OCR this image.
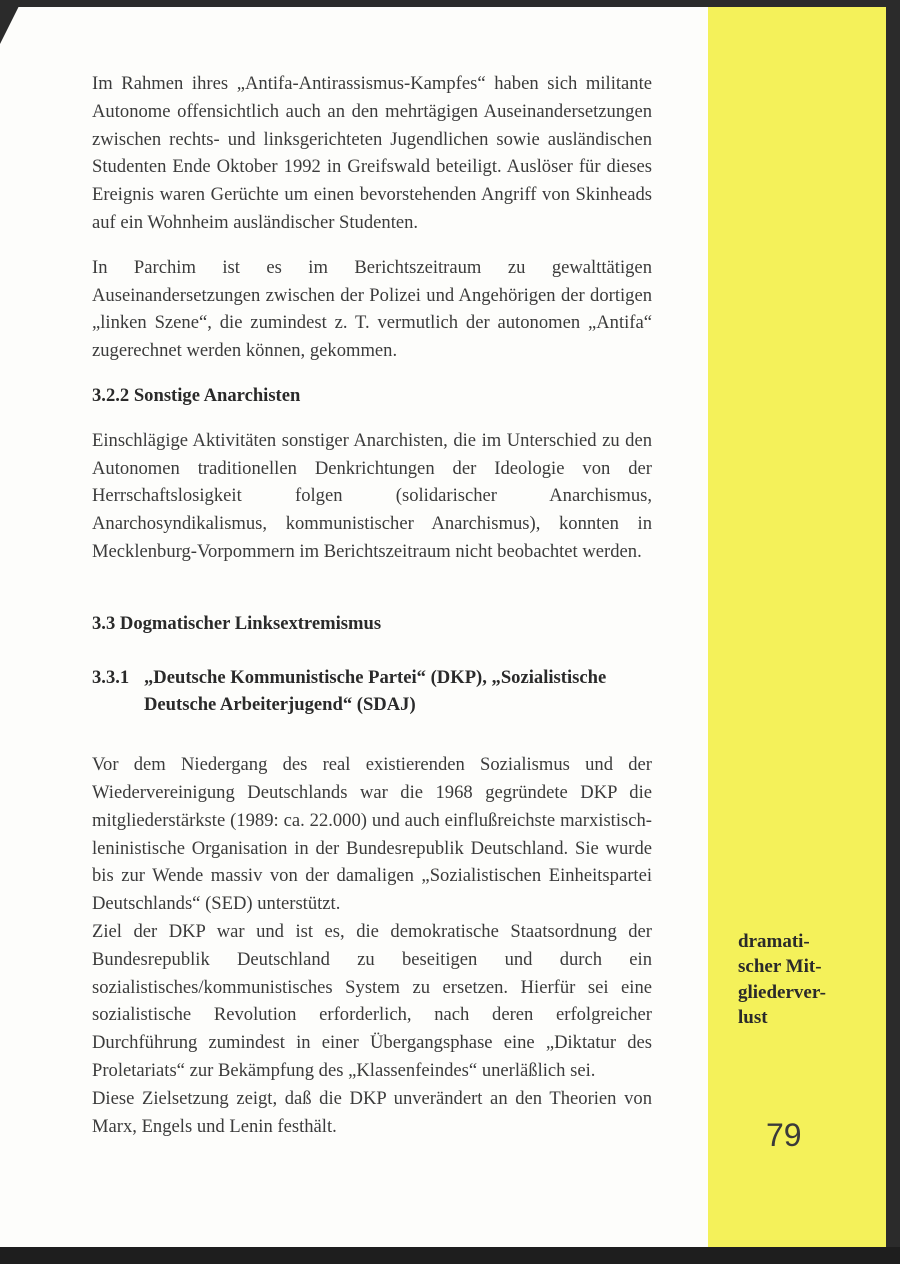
Im Rahmen ihres „Antifa-Antirassismus-Kampfes“ haben sich militante Autonome offensichtlich auch an den mehrtägigen Auseinandersetzungen zwischen rechts- und linksgerichteten Jugendlichen sowie ausländischen Studenten Ende Oktober 1992 in Greifswald beteiligt. Auslöser für dieses Ereignis waren Gerüchte um einen bevorstehenden Angriff von Skinheads auf ein Wohnheim ausländischer Studenten.

In Parchim ist es im Berichtszeitraum zu gewalttätigen Auseinandersetzungen zwischen der Polizei und Angehörigen der dortigen „linken Szene“, die zumindest z. T. vermutlich der autonomen „Antifa“ zugerechnet werden können, gekommen.

3.2.2 Sonstige Anarchisten

Einschlägige Aktivitäten sonstiger Anarchisten, die im Unterschied zu den Autonomen traditionellen Denkrichtungen der Ideologie von der Herrschaftslosigkeit folgen (solidarischer Anarchismus, Anarchosyndikalismus, kommunistischer Anarchismus), konnten in Mecklenburg-Vorpommern im Berichtszeitraum nicht beobachtet werden.

3.3 Dogmatischer Linksextremismus
3.3.1 „Deutsche Kommunistische Partei“ (DKP), „Sozialistische Deutsche Arbeiterjugend“ (SDAJ)

Vor dem Niedergang des real existierenden Sozialismus und der Wiedervereinigung Deutschlands war die 1968 gegründete DKP die mitgliederstärkste (1989: ca. 22.000) und auch einflußreichste marxistisch-leninistische Organisation in der Bundesrepublik Deutschland. Sie wurde bis zur Wende massiv von der damaligen „Sozialistischen Einheitspartei Deutschlands“ (SED) unterstützt.

Ziel der DKP war und ist es, die demokratische Staatsordnung der Bundesrepublik Deutschland zu beseitigen und durch ein sozialistisches/kommunistisches System zu ersetzen. Hierfür sei eine sozialistische Revolution erforderlich, nach deren erfolgreicher Durchführung zumindest in einer Übergangsphase eine „Diktatur des Proletariats“ zur Bekämpfung des „Klassenfeindes“ unerläßlich sei.

Diese Zielsetzung zeigt, daß die DKP unverändert an den Theorien von Marx, Engels und Lenin festhält.

dramati-
scher Mit-
gliederver-
lust
79
